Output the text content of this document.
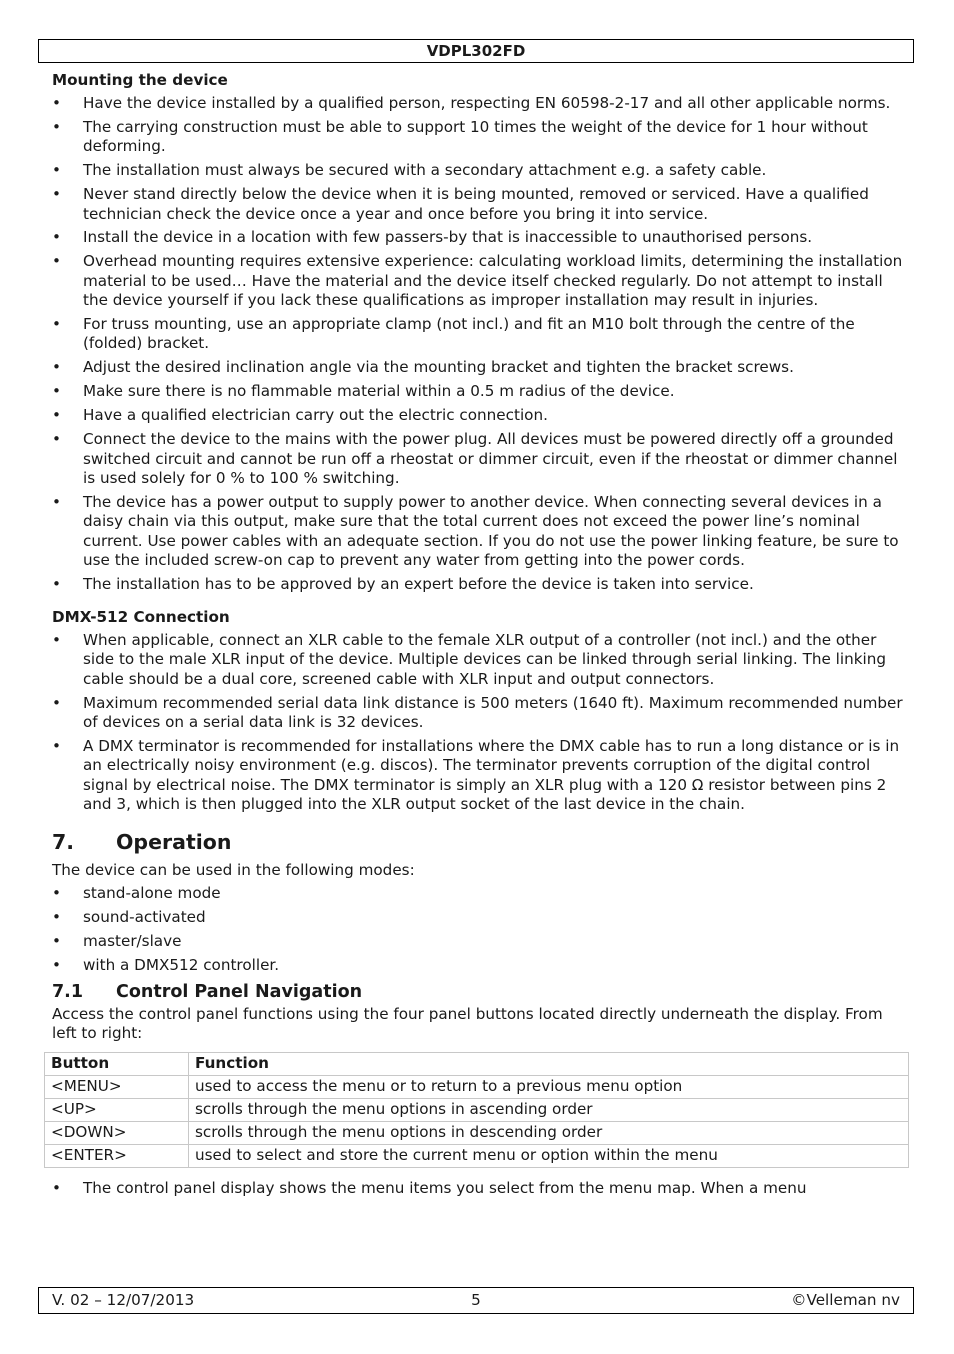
VDPL302FD
Mounting the device
• Have the device installed by a qualified person, respecting EN 60598-2-17 and all other applicable norms.
• The carrying construction must be able to support 10 times the weight of the device for 1 hour without deforming.
• The installation must always be secured with a secondary attachment e.g. a safety cable.
• Never stand directly below the device when it is being mounted, removed or serviced. Have a qualified technician check the device once a year and once before you bring it into service.
• Install the device in a location with few passers-by that is inaccessible to unauthorised persons.
• Overhead mounting requires extensive experience: calculating workload limits, determining the installation material to be used… Have the material and the device itself checked regularly. Do not attempt to install the device yourself if you lack these qualifications as improper installation may result in injuries.
• For truss mounting, use an appropriate clamp (not incl.) and fit an M10 bolt through the centre of the (folded) bracket.
• Adjust the desired inclination angle via the mounting bracket and tighten the bracket screws.
• Make sure there is no flammable material within a 0.5 m radius of the device.
• Have a qualified electrician carry out the electric connection.
• Connect the device to the mains with the power plug. All devices must be powered directly off a grounded switched circuit and cannot be run off a rheostat or dimmer circuit, even if the rheostat or dimmer channel is used solely for 0 % to 100 % switching.
• The device has a power output to supply power to another device. When connecting several devices in a daisy chain via this output, make sure that the total current does not exceed the power line’s nominal current. Use power cables with an adequate section. If you do not use the power linking feature, be sure to use the included screw-on cap to prevent any water from getting into the power cords.
• The installation has to be approved by an expert before the device is taken into service.
DMX-512 Connection
• When applicable, connect an XLR cable to the female XLR output of a controller (not incl.) and the other side to the male XLR input of the device. Multiple devices can be linked through serial linking. The linking cable should be a dual core, screened cable with XLR input and output connectors.
• Maximum recommended serial data link distance is 500 meters (1640 ft). Maximum recommended number of devices on a serial data link is 32 devices.
• A DMX terminator is recommended for installations where the DMX cable has to run a long distance or is in an electrically noisy environment (e.g. discos). The terminator prevents corruption of the digital control signal by electrical noise. The DMX terminator is simply an XLR plug with a 120 Ω resistor between pins 2 and 3, which is then plugged into the XLR output socket of the last device in the chain.
7. Operation

The device can be used in the following modes:

• stand-alone mode
• sound-activated
• master/slave
• with a DMX512 controller.
7.1 Control Panel Navigation

Access the control panel functions using the four panel buttons located directly underneath the display. From left to right:

Button	Function
<MENU>	used to access the menu or to return to a previous menu option
<UP>	scrolls through the menu options in ascending order
<DOWN>	scrolls through the menu options in descending order
<ENTER>	used to select and store the current menu or option within the menu
• The control panel display shows the menu items you select from the menu map. When a menu
V. 02 – 12/07/2013	5	©Velleman nv
